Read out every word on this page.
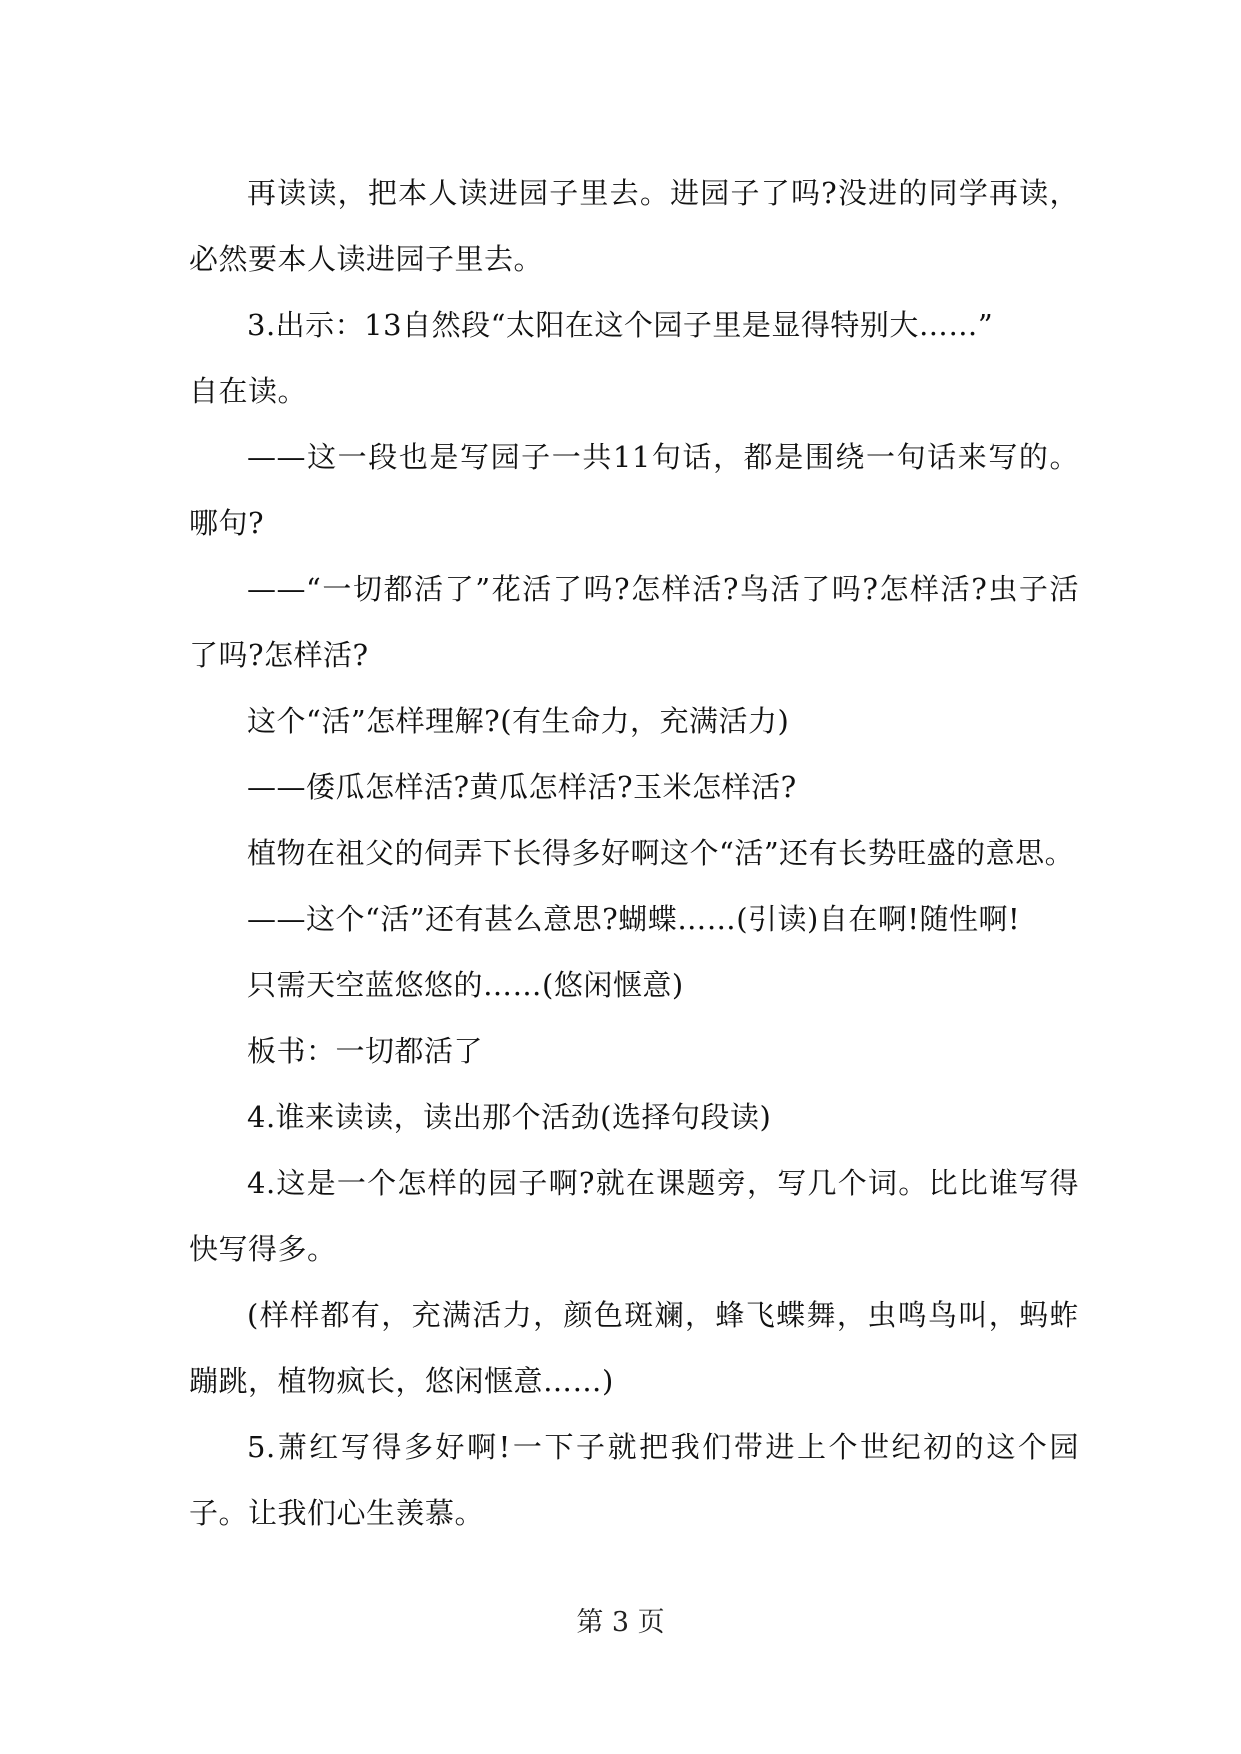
再读读，把本人读进园子里去。进园子了吗?没进的同学再读，必然要本人读进园子里去。

3.出示：13自然段“太阳在这个园子里是显得特别大……”

自在读。

——这一段也是写园子一共11句话，都是围绕一句话来写的。哪句?

——“一切都活了”花活了吗?怎样活?鸟活了吗?怎样活?虫子活了吗?怎样活?

这个“活”怎样理解?(有生命力，充满活力)

——倭瓜怎样活?黄瓜怎样活?玉米怎样活?

植物在祖父的伺弄下长得多好啊这个“活”还有长势旺盛的意思。

——这个“活”还有甚么意思?蝴蝶……(引读)自在啊!随性啊!

只需天空蓝悠悠的……(悠闲惬意)

板书：一切都活了

4.谁来读读，读出那个活劲(选择句段读)

4.这是一个怎样的园子啊?就在课题旁，写几个词。比比谁写得快写得多。

(样样都有，充满活力，颜色斑斓，蜂飞蝶舞，虫鸣鸟叫，蚂蚱蹦跳，植物疯长，悠闲惬意……)

5.萧红写得多好啊!一下子就把我们带进上个世纪初的这个园子。让我们心生羡慕。

第 3 页
